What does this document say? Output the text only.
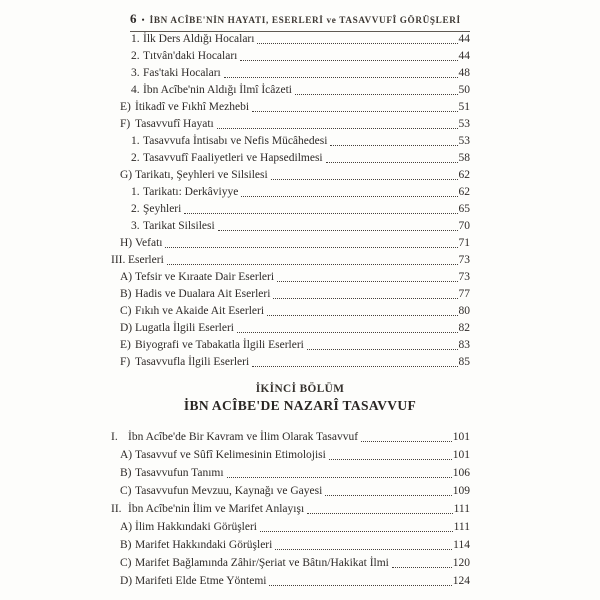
6 • İBN ACÎBE'NİN HAYATI, ESERLERİ ve TASAVVUFÎ GÖRÜŞLERİ
1. İlk Ders Aldığı Hocaları	44
2. Tıtvân'daki Hocaları	44
3. Fas'taki Hocaları	48
4. İbn Acîbe'nin Aldığı İlmî İcâzeti	50
E) İtikadî ve Fıkhî Mezhebi	51
F) Tasavvufî Hayatı	53
1. Tasavvufa İntisabı ve Nefis Mücâhedesi	53
2. Tasavvufî Faaliyetleri ve Hapsedilmesi	58
G) Tarikatı, Şeyhleri ve Silsilesi	62
1. Tarikatı: Derkâviyye	62
2. Şeyhleri	65
3. Tarikat Silsilesi	70
H) Vefatı	71
III. Eserleri	73
A) Tefsir ve Kıraate Dair Eserleri	73
B) Hadis ve Dualara Ait Eserleri	77
C) Fıkıh ve Akaide Ait Eserleri	80
D) Lugatla İlgili Eserleri	82
E) Biyografi ve Tabakatla İlgili Eserleri	83
F) Tasavvufla İlgili Eserleri	85
İKİNCİ BÖLÜM
İBN ACÎBE'DE NAZARÎ TASAVVUF
I. İbn Acîbe'de Bir Kavram ve İlim Olarak Tasavvuf	101
A) Tasavvuf ve Sûfî Kelimesinin Etimolojisi	101
B) Tasavvufun Tanımı	106
C) Tasavvufun Mevzuu, Kaynağı ve Gayesi	109
II. İbn Acîbe'nin İlim ve Marifet Anlayışı	111
A) İlim Hakkındaki Görüşleri	111
B) Marifet Hakkındaki Görüşleri	114
C) Marifet Bağlamında Zâhir/Şeriat ve Bâtın/Hakikat İlmi	120
D) Marifeti Elde Etme Yöntemi	124
